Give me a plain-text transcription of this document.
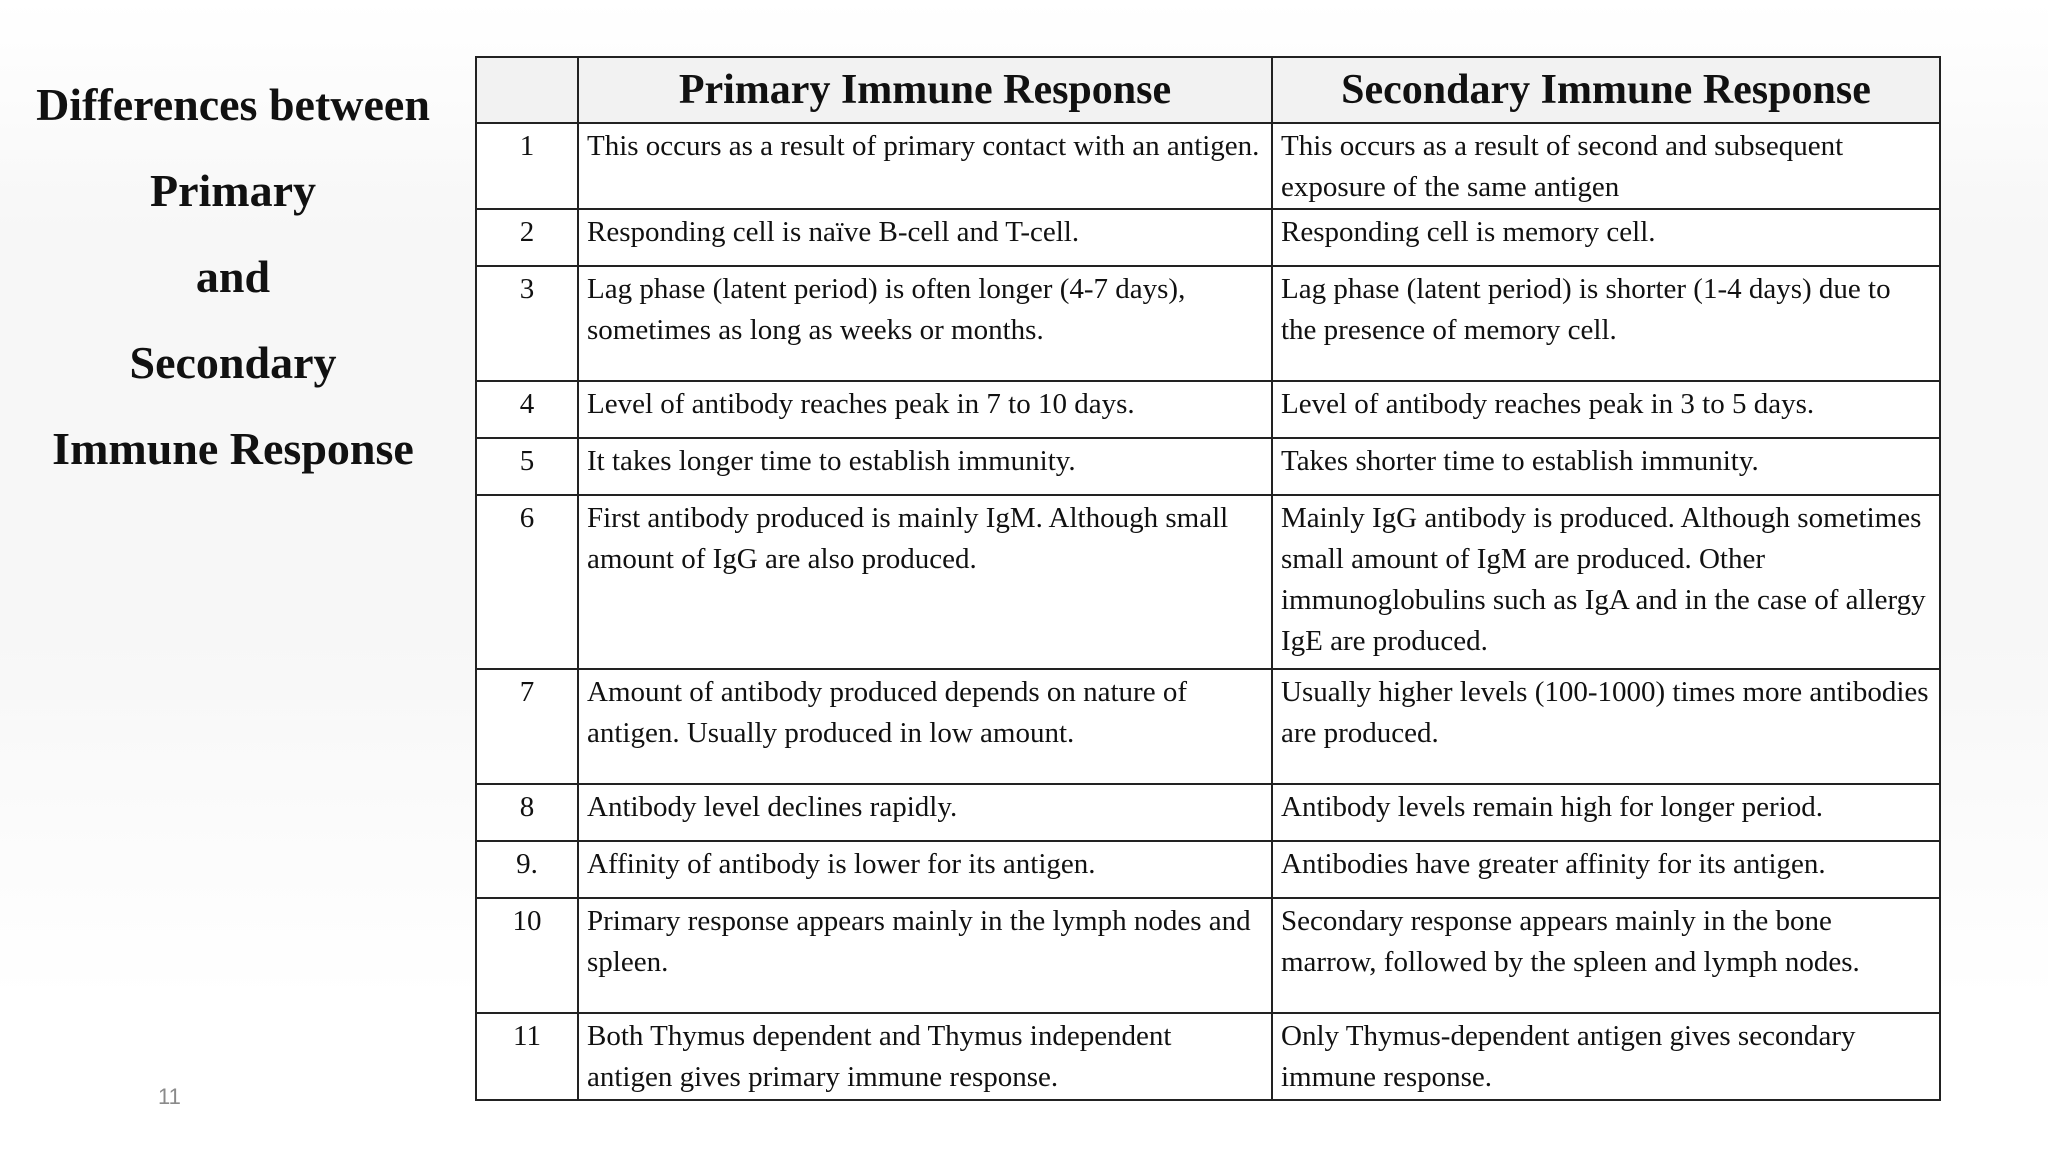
Differences between
Primary
and
Secondary
Immune Response
11
	Primary Immune Response	Secondary Immune Response
1	This occurs as a result of primary contact with an antigen.	This occurs as a result of second and subsequent exposure of the same antigen
2	Responding cell is naïve B-cell and T-cell.	Responding cell is memory cell.
3	Lag phase (latent period) is often longer (4-7 days), sometimes as long as weeks or months.	Lag phase (latent period) is shorter (1-4 days) due to the presence of memory cell.
4	Level of antibody reaches peak in 7 to 10 days.	Level of antibody reaches peak in 3 to 5 days.
5	It takes longer time to establish immunity.	Takes shorter time to establish immunity.
6	First antibody produced is mainly IgM. Although small amount of IgG are also produced.	Mainly IgG antibody is produced. Although sometimes small amount of IgM are produced. Other immunoglobulins such as IgA and in the case of allergy IgE are produced.
7	Amount of antibody produced depends on nature of antigen. Usually produced in low amount.	Usually higher levels (100-1000) times more antibodies are produced.
8	Antibody level declines rapidly.	Antibody levels remain high for longer period.
9.	Affinity of antibody is lower for its antigen.	Antibodies have greater affinity for its antigen.
10	Primary response appears mainly in the lymph nodes and spleen.	Secondary response appears mainly in the bone marrow, followed by the spleen and lymph nodes.
11	Both Thymus dependent and Thymus independent antigen gives primary immune response.	Only Thymus-dependent antigen gives secondary immune response.
